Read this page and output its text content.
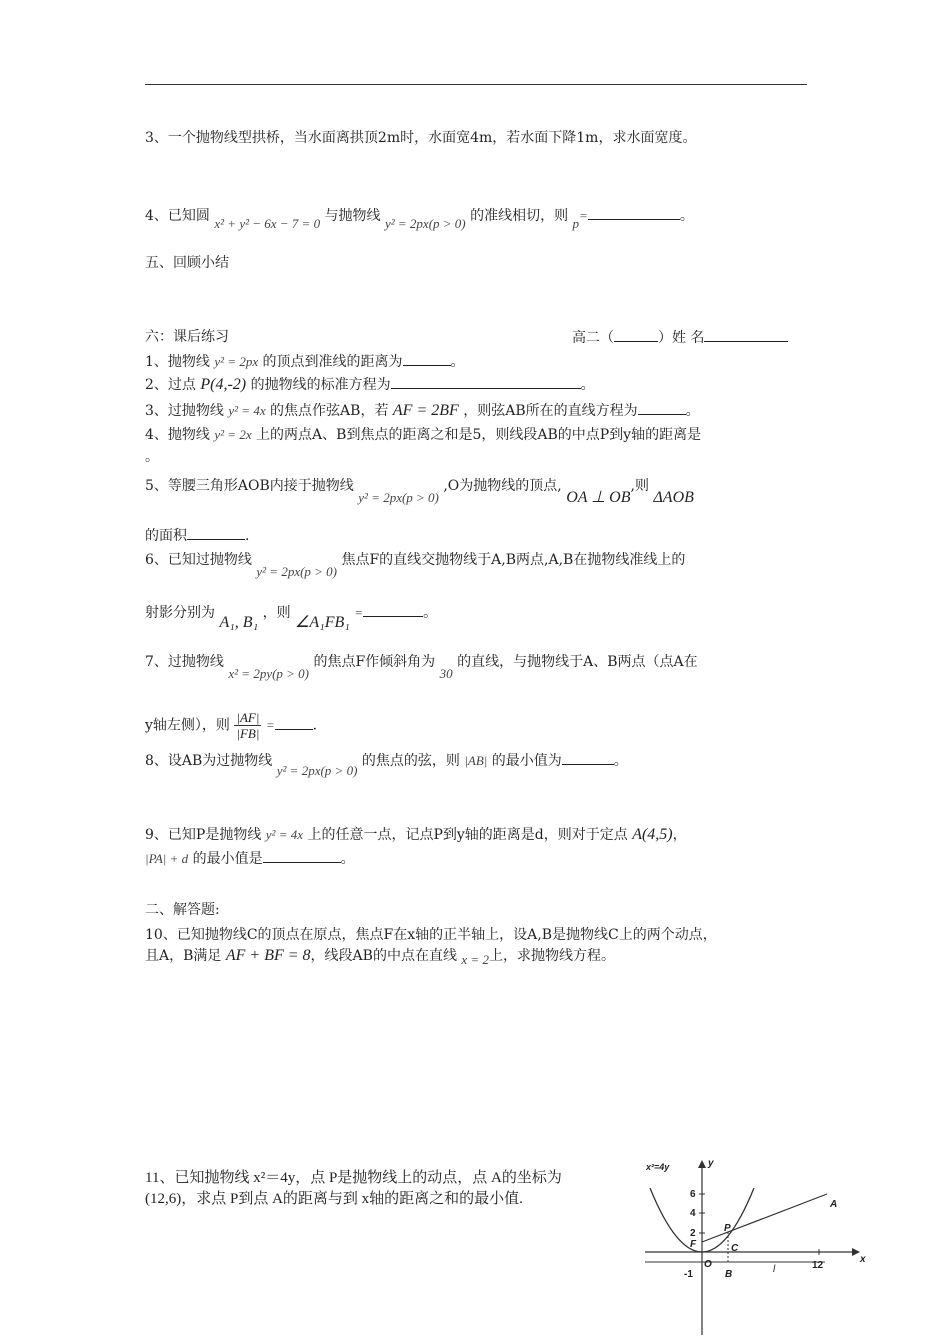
3、一个抛物线型拱桥，当水面离拱顶2m时，水面宽4m，若水面下降1m，求水面宽度。
4、已知圆 x² + y² − 6x − 7 = 0 与抛物线 y² = 2px(p > 0) 的准线相切，则 p=	。
五、回顾小结
六：课后练习	高二（	）姓 名
1、抛物线 y² = 2px 的顶点到准线的距离为	。
2、过点 P(4,-2) 的抛物线的标准方程为	。
3、过抛物线 y² = 4x 的焦点作弦AB，若 AF = 2BF ，则弦AB所在的直线方程为	。
4、抛物线 y² = 2x 上的两点A、B到焦点的距离之和是5，则线段AB的中点P到y轴的距离是
。
5、等腰三角形AOB内接于抛物线 y² = 2px(p > 0) ,O为抛物线的顶点, OA ⊥ OB,则 ΔAOB
的面积	.
6、已知过抛物线 y² = 2px(p > 0) 焦点F的直线交抛物线于A,B两点,A,B在抛物线准线上的
射影分别为 A₁, B₁ ，则 ∠A₁FB₁ =	。
7、过抛物线 x² = 2py(p > 0) 的焦点F作倾斜角为 30 的直线，与抛物线于A、B两点（点A在
y轴左侧），则 $\frac{|AF|}{|FB|}$ =	.
8、设AB为过抛物线 y² = 2px(p > 0) 的焦点的弦，则 |AB| 的最小值为	。
9、已知P是抛物线 y² = 4x 上的任意一点，记点P到y轴的距离是d，则对于定点 A(4,5)，
|PA| + d 的最小值是	。
二、解答题:
10、已知抛物线C的顶点在原点，焦点F在x轴的正半轴上，设A,B是抛物线C上的两个动点，
且A，B满足 AF + BF = 8，线段AB的中点在直线 x = 2上，求抛物线方程。
11、已知抛物线 x²＝4y，点 P是抛物线上的动点，点 A的坐标为
(12,6)，求点 P到点 A的距离与到 x轴的距离之和的最小值.
x²=4y	y
x
6
4
2
-1
12
F
O
P
C
A
B	l
